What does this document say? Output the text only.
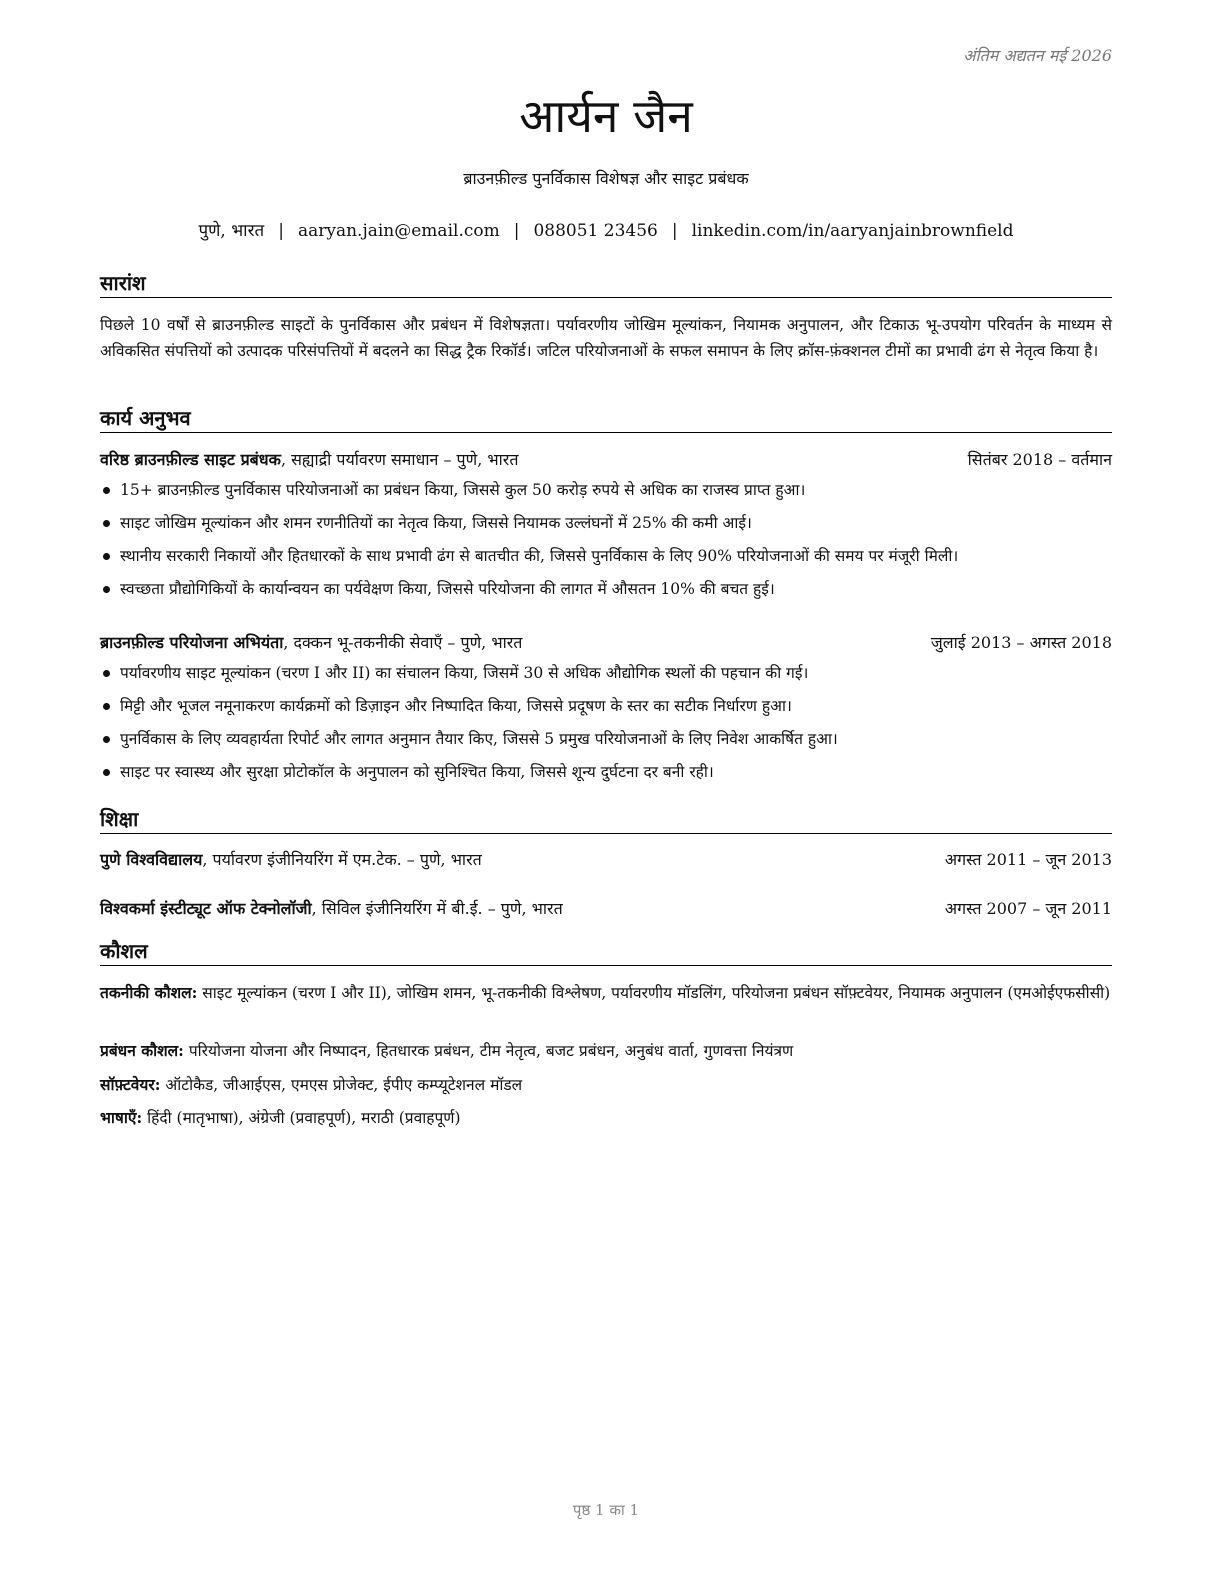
अंतिम अद्यतन मई 2026
आर्यन जैन
ब्राउनफ़ील्ड पुनर्विकास विशेषज्ञ और साइट प्रबंधक
पुणे, भारत | aaryan.jain@email.com | 088051 23456 | linkedin.com/in/aaryanjainbrownfield
सारांश
पिछले 10 वर्षों से ब्राउनफ़ील्ड साइटों के पुनर्विकास और प्रबंधन में विशेषज्ञता। पर्यावरणीय जोखिम मूल्यांकन, नियामक अनुपालन, और टिकाऊ भू-उपयोग परिवर्तन के माध्यम से अविकसित संपत्तियों को उत्पादक परिसंपत्तियों में बदलने का सिद्ध ट्रैक रिकॉर्ड। जटिल परियोजनाओं के सफल समापन के लिए क्रॉस-फ़ंक्शनल टीमों का प्रभावी ढंग से नेतृत्व किया है।
कार्य अनुभव
वरिष्ठ ब्राउनफ़ील्ड साइट प्रबंधक, सह्याद्री पर्यावरण समाधान – पुणे, भारत	सितंबर 2018 – वर्तमान
15+ ब्राउनफ़ील्ड पुनर्विकास परियोजनाओं का प्रबंधन किया, जिससे कुल 50 करोड़ रुपये से अधिक का राजस्व प्राप्त हुआ।
साइट जोखिम मूल्यांकन और शमन रणनीतियों का नेतृत्व किया, जिससे नियामक उल्लंघनों में 25% की कमी आई।
स्थानीय सरकारी निकायों और हितधारकों के साथ प्रभावी ढंग से बातचीत की, जिससे पुनर्विकास के लिए 90% परियोजनाओं की समय पर मंजूरी मिली।
स्वच्छता प्रौद्योगिकियों के कार्यान्वयन का पर्यवेक्षण किया, जिससे परियोजना की लागत में औसतन 10% की बचत हुई।
ब्राउनफ़ील्ड परियोजना अभियंता, दक्कन भू-तकनीकी सेवाएँ – पुणे, भारत	जुलाई 2013 – अगस्त 2018
पर्यावरणीय साइट मूल्यांकन (चरण I और II) का संचालन किया, जिसमें 30 से अधिक औद्योगिक स्थलों की पहचान की गई।
मिट्टी और भूजल नमूनाकरण कार्यक्रमों को डिज़ाइन और निष्पादित किया, जिससे प्रदूषण के स्तर का सटीक निर्धारण हुआ।
पुनर्विकास के लिए व्यवहार्यता रिपोर्ट और लागत अनुमान तैयार किए, जिससे 5 प्रमुख परियोजनाओं के लिए निवेश आकर्षित हुआ।
साइट पर स्वास्थ्य और सुरक्षा प्रोटोकॉल के अनुपालन को सुनिश्चित किया, जिससे शून्य दुर्घटना दर बनी रही।
शिक्षा
पुणे विश्वविद्यालय, पर्यावरण इंजीनियरिंग में एम.टेक. – पुणे, भारत	अगस्त 2011 – जून 2013
विश्वकर्मा इंस्टीट्यूट ऑफ टेक्नोलॉजी, सिविल इंजीनियरिंग में बी.ई. – पुणे, भारत	अगस्त 2007 – जून 2011
कौशल
तकनीकी कौशल: साइट मूल्यांकन (चरण I और II), जोखिम शमन, भू-तकनीकी विश्लेषण, पर्यावरणीय मॉडलिंग, परियोजना प्रबंधन सॉफ़्टवेयर, नियामक अनुपालन (एमओईएफसीसी)
प्रबंधन कौशल: परियोजना योजना और निष्पादन, हितधारक प्रबंधन, टीम नेतृत्व, बजट प्रबंधन, अनुबंध वार्ता, गुणवत्ता नियंत्रण
सॉफ़्टवेयर: ऑटोकैड, जीआईएस, एमएस प्रोजेक्ट, ईपीए कम्प्यूटेशनल मॉडल
भाषाएँ: हिंदी (मातृभाषा), अंग्रेजी (प्रवाहपूर्ण), मराठी (प्रवाहपूर्ण)
पृष्ठ 1 का 1
